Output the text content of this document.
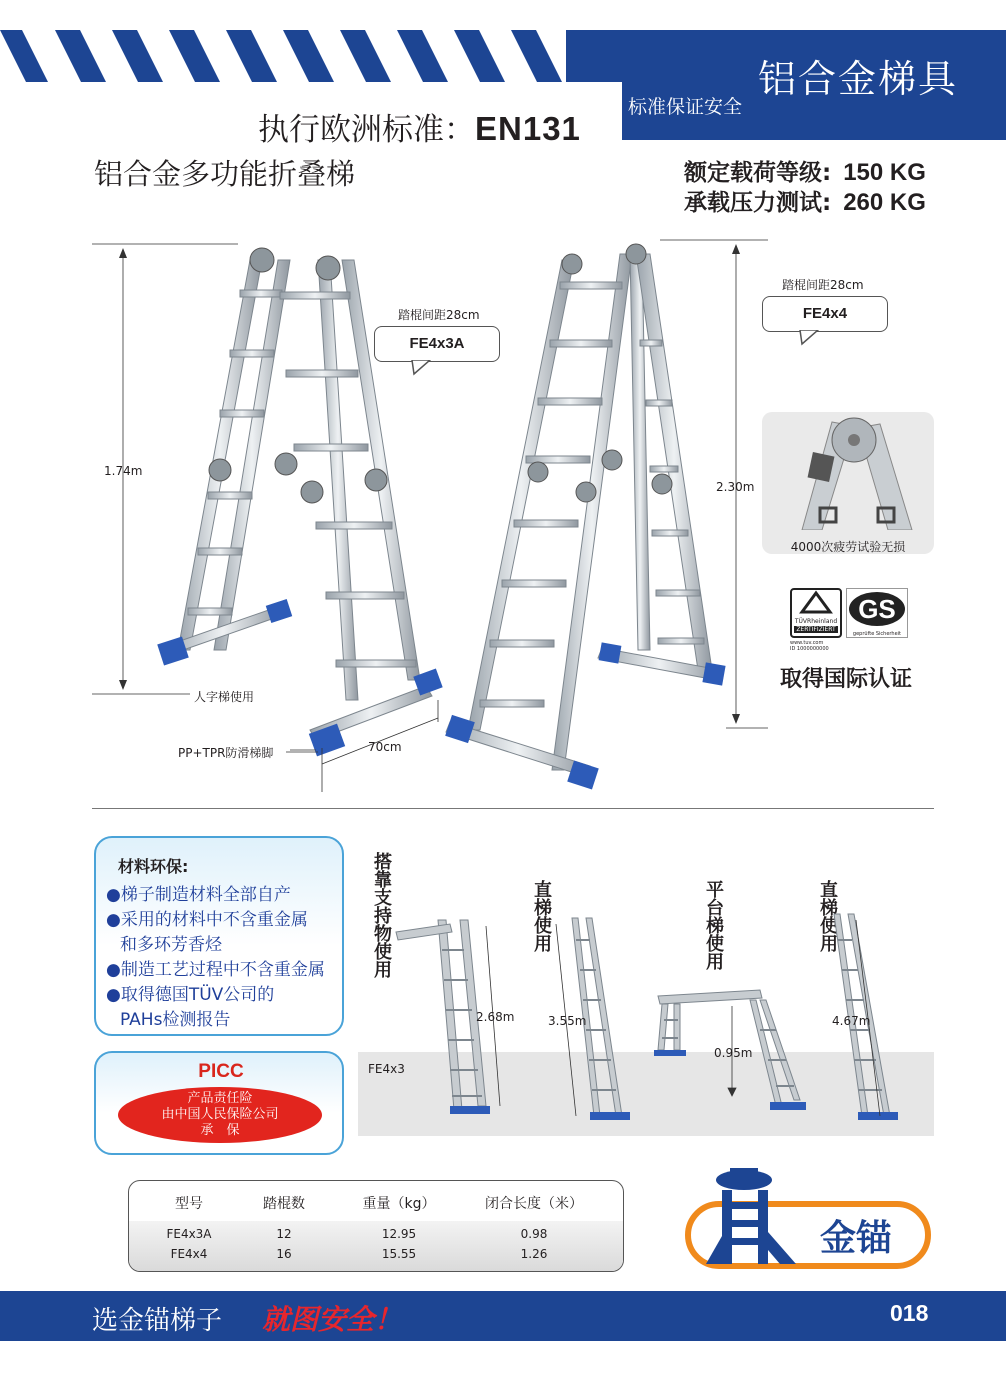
铝合金梯具
标准保证安全
执行欧洲标准：EN131
铝合金多功能折叠梯	额定载荷等级: 150 KG
承载压力测试: 260 KG
1.74m
2.30m
人字梯使用
PP+TPR防滑梯脚	70cm
踏棍间距28cm
FE4x3A
踏棍间距28cm
FE4x4
4000次疲劳试验无损
TÜVRheinland
ZERTIFIZIERT
www.tuv.com
ID 1000000000
GS
geprüfte Sicherheit
取得国际认证
材料环保:
●梯子制造材料全部自产
●采用的材料中不含重金属
和多环芳香烃
●制造工艺过程中不含重金属
●取得德国TÜV公司的
PAHs检测报告
PICC
产品责任险
由中国人民保险公司
承　保
FE4x3
搭靠支持物使用	直梯使用	平台梯使用	直梯使用
2.68m	3.55m
0.95m
4.67m
型号	踏棍数	重量（kg）	闭合长度（米）
FE4x3A	12	12.95	0.98
FE4x4	16	15.55	1.26	金锚
选金锚梯子 就图安全！	018
